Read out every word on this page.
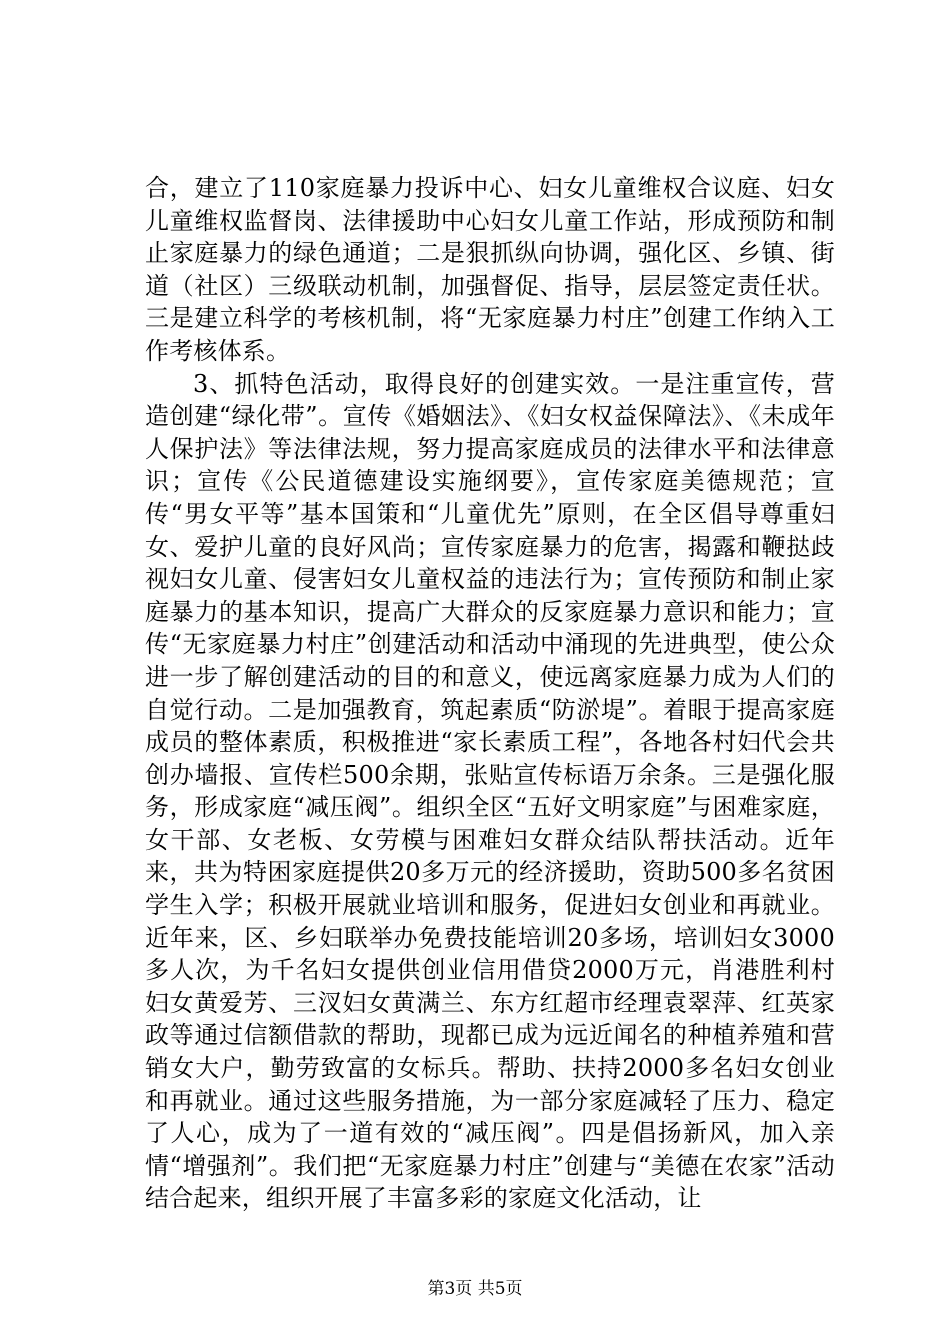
合，建立了110家庭暴力投诉中心、妇女儿童维权合议庭、妇女儿童维权监督岗、法律援助中心妇女儿童工作站，形成预防和制止家庭暴力的绿色通道；二是狠抓纵向协调，强化区、乡镇、街道（社区）三级联动机制，加强督促、指导，层层签定责任状。三是建立科学的考核机制，将“无家庭暴力村庄”创建工作纳入工作考核体系。

3、抓特色活动，取得良好的创建实效。一是注重宣传，营造创建“绿化带”。宣传《婚姻法》、《妇女权益保障法》、《未成年人保护法》等法律法规，努力提高家庭成员的法律水平和法律意识；宣传《公民道德建设实施纲要》，宣传家庭美德规范；宣传“男女平等”基本国策和“儿童优先”原则，在全区倡导尊重妇女、爱护儿童的良好风尚；宣传家庭暴力的危害，揭露和鞭挞歧视妇女儿童、侵害妇女儿童权益的违法行为；宣传预防和制止家庭暴力的基本知识，提高广大群众的反家庭暴力意识和能力；宣传“无家庭暴力村庄”创建活动和活动中涌现的先进典型，使公众进一步了解创建活动的目的和意义，使远离家庭暴力成为人们的自觉行动。二是加强教育，筑起素质“防淤堤”。着眼于提高家庭成员的整体素质，积极推进“家长素质工程”，各地各村妇代会共创办墙报、宣传栏500余期，张贴宣传标语万余条。三是强化服务，形成家庭“减压阀”。组织全区“五好文明家庭”与困难家庭，女干部、女老板、女劳模与困难妇女群众结队帮扶活动。近年来，共为特困家庭提供20多万元的经济援助，资助500多名贫困学生入学；积极开展就业培训和服务，促进妇女创业和再就业。近年来，区、乡妇联举办免费技能培训20多场，培训妇女3000多人次，为千名妇女提供创业信用借贷2000万元，肖港胜利村妇女黄爱芳、三汊妇女黄满兰、东方红超市经理袁翠萍、红英家政等通过信额借款的帮助，现都已成为远近闻名的种植养殖和营销女大户，勤劳致富的女标兵。帮助、扶持2000多名妇女创业和再就业。通过这些服务措施，为一部分家庭减轻了压力、稳定了人心，成为了一道有效的“减压阀”。四是倡扬新风，加入亲情“增强剂”。我们把“无家庭暴力村庄”创建与“美德在农家”活动结合起来，组织开展了丰富多彩的家庭文化活动，让

第3页 共5页
